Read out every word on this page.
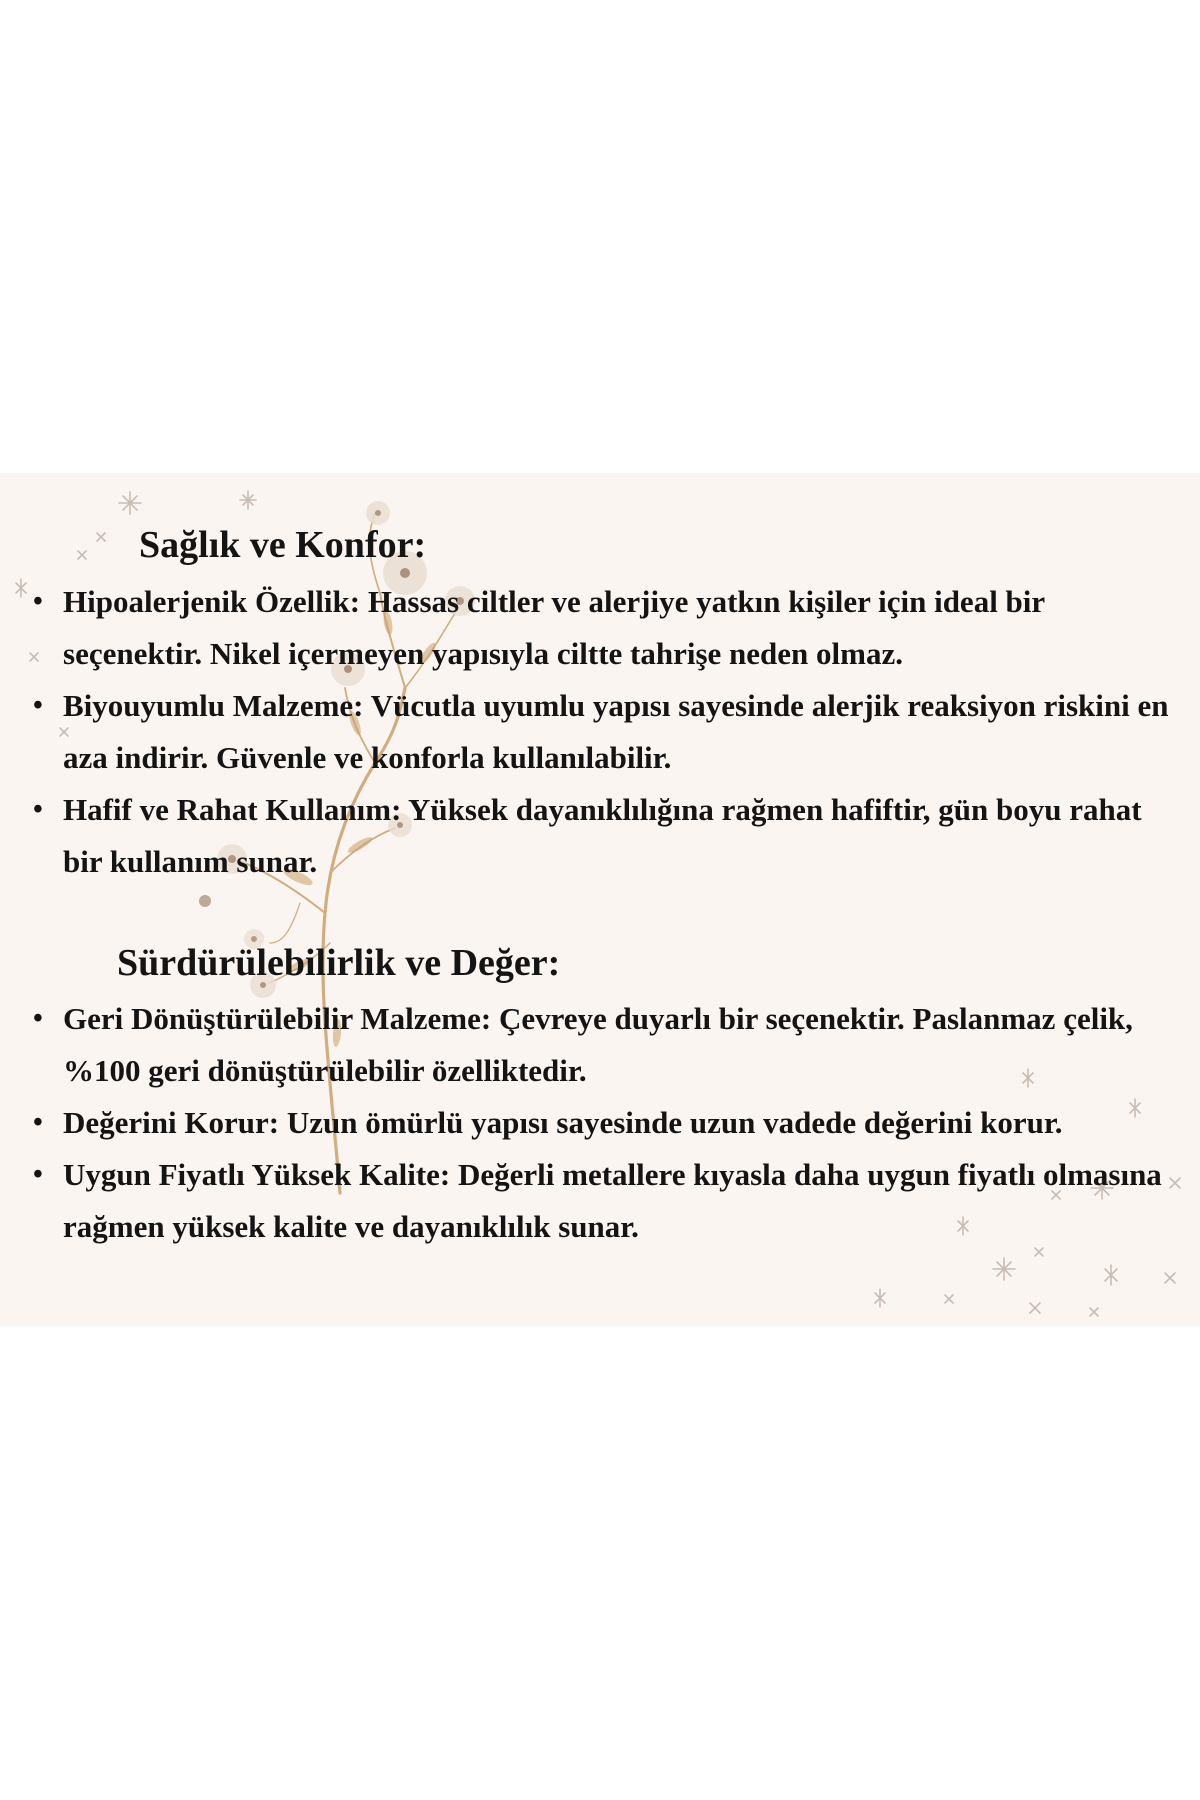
Sağlık ve Konfor:
• Hipoalerjenik Özellik: Hassas ciltler ve alerjiye yatkın kişiler için ideal bir seçenektir. Nikel içermeyen yapısıyla ciltte tahrişe neden olmaz.
• Biyouyumlu Malzeme: Vücutla uyumlu yapısı sayesinde alerjik reaksiyon riskini en aza indirir. Güvenle ve konforla kullanılabilir.
• Hafif ve Rahat Kullanım: Yüksek dayanıklılığına rağmen hafiftir, gün boyu rahat bir kullanım sunar.
Sürdürülebilirlik ve Değer:
• Geri Dönüştürülebilir Malzeme: Çevreye duyarlı bir seçenektir. Paslanmaz çelik, %100 geri dönüştürülebilir özelliktedir.
• Değerini Korur: Uzun ömürlü yapısı sayesinde uzun vadede değerini korur.
• Uygun Fiyatlı Yüksek Kalite: Değerli metallere kıyasla daha uygun fiyatlı olmasına rağmen yüksek kalite ve dayanıklılık sunar.
